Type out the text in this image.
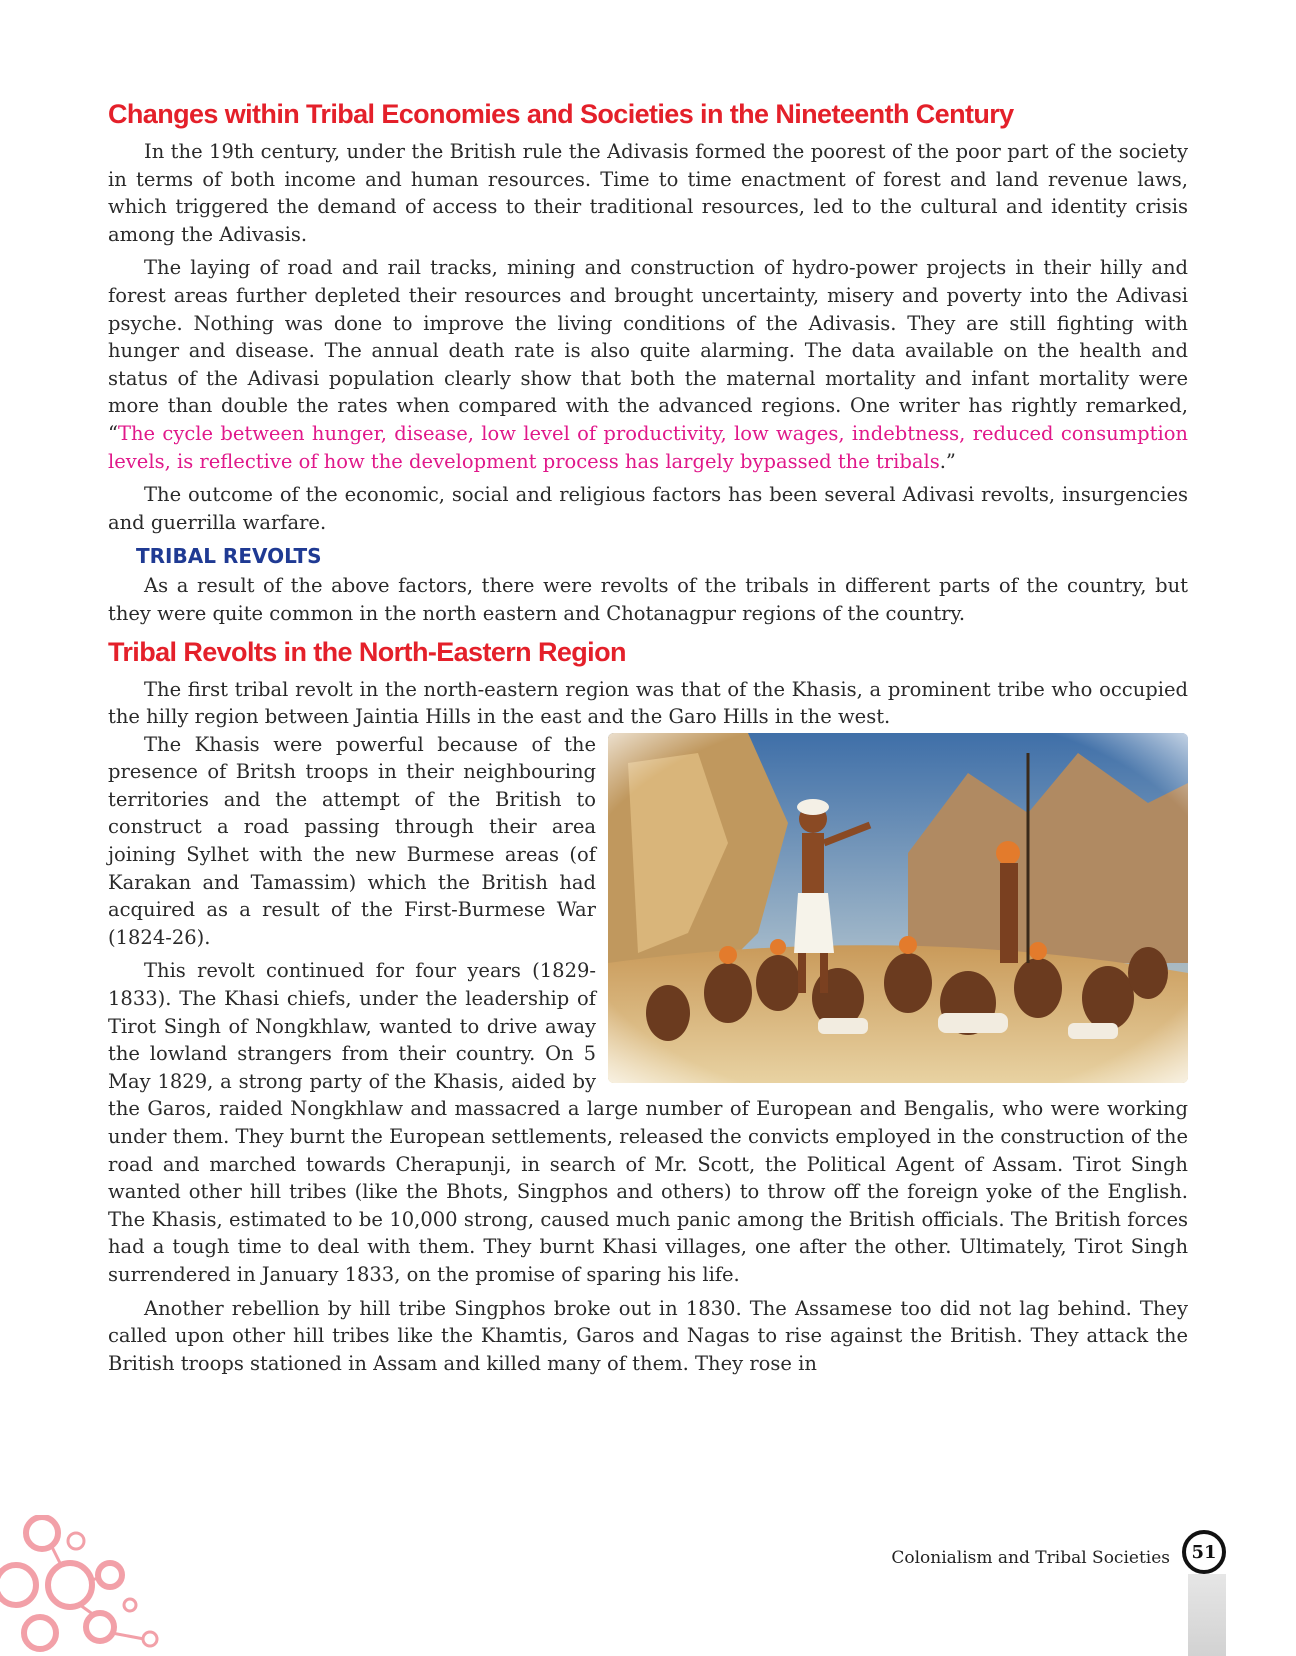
Changes within Tribal Economies and Societies in the Nineteenth Century

In the 19th century, under the British rule the Adivasis formed the poorest of the poor part of the society in terms of both income and human resources. Time to time enactment of forest and land revenue laws, which triggered the demand of access to their traditional resources, led to the cultural and identity crisis among the Adivasis.

The laying of road and rail tracks, mining and construction of hydro-power projects in their hilly and forest areas further depleted their resources and brought uncertainty, misery and poverty into the Adivasi psyche. Nothing was done to improve the living conditions of the Adivasis. They are still fighting with hunger and disease. The annual death rate is also quite alarming. The data available on the health and status of the Adivasi population clearly show that both the maternal mortality and infant mortality were more than double the rates when compared with the advanced regions. One writer has rightly remarked, “The cycle between hunger, disease, low level of productivity, low wages, indebtness, reduced consumption levels, is reflective of how the development process has largely bypassed the tribals.”

The outcome of the economic, social and religious factors has been several Adivasi revolts, insurgencies and guerrilla warfare.

TRIBAL REVOLTS

As a result of the above factors, there were revolts of the tribals in different parts of the country, but they were quite common in the north eastern and Chotanagpur regions of the country.

Tribal Revolts in the North-Eastern Region

The first tribal revolt in the north-eastern region was that of the Khasis, a prominent tribe who occupied the hilly region between Jaintia Hills in the east and the Garo Hills in the west.

The Khasis were powerful because of the presence of Britsh troops in their neighbouring territories and the attempt of the British to construct a road passing through their area joining Sylhet with the new Burmese areas (of Karakan and Tamassim) which the British had acquired as a result of the First-Burmese War (1824-26).

This revolt continued for four years (1829-1833). The Khasi chiefs, under the leadership of Tirot Singh of Nongkhlaw, wanted to drive away the lowland strangers from their country. On 5 May 1829, a strong party of the Khasis, aided by the Garos, raided Nongkhlaw and massacred a large number of European and Bengalis, who were working under them. They burnt the European settlements, released the convicts employed in the construction of the road and marched towards Cherapunji, in search of Mr. Scott, the Political Agent of Assam. Tirot Singh wanted other hill tribes (like the Bhots, Singphos and others) to throw off the foreign yoke of the English. The Khasis, estimated to be 10,000 strong, caused much panic among the British officials. The British forces had a tough time to deal with them. They burnt Khasi villages, one after the other. Ultimately, Tirot Singh surrendered in January 1833, on the promise of sparing his life.

Another rebellion by hill tribe Singphos broke out in 1830. The Assamese too did not lag behind. They called upon other hill tribes like the Khamtis, Garos and Nagas to rise against the British. They attack the British troops stationed in Assam and killed many of them. They rose in

Colonialism and Tribal Societies	51
